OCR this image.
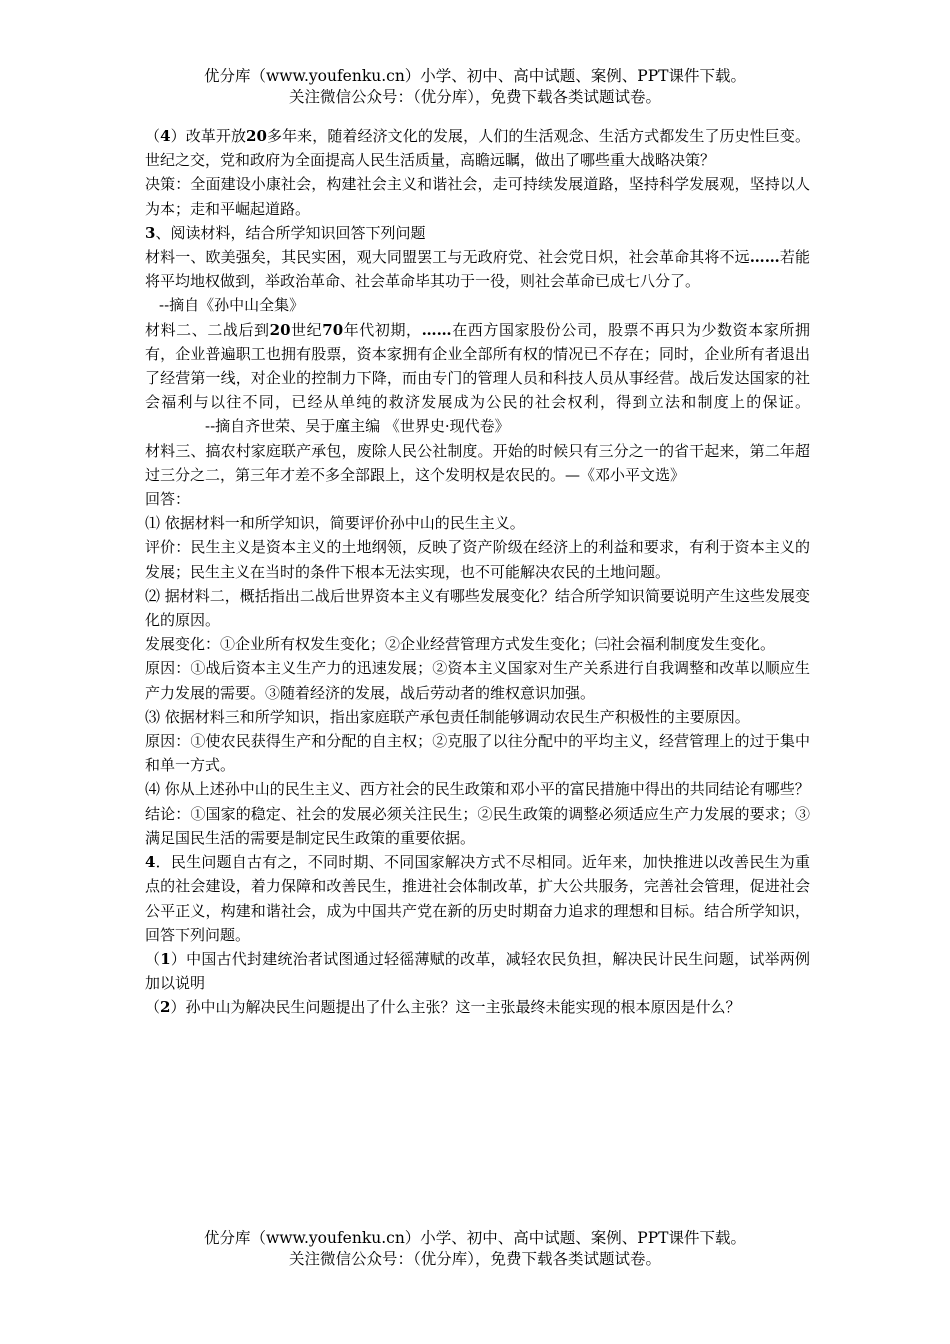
优分库（www.youfenku.cn）小学、初中、高中试题、案例、PPT课件下载。
关注微信公众号：（优分库），免费下载各类试题试卷。

（4）改革开放20多年来，随着经济文化的发展，人们的生活观念、生活方式都发生了历史性巨变。世纪之交，党和政府为全面提高人民生活质量，高瞻远瞩，做出了哪些重大战略决策？

决策：全面建设小康社会，构建社会主义和谐社会，走可持续发展道路，坚持科学发展观，坚持以人为本；走和平崛起道路。

3、阅读材料，结合所学知识回答下列问题

材料一、欧美强矣，其民实困，观大同盟罢工与无政府党、社会党日炽，社会革命其将不远……若能将平均地权做到，举政治革命、社会革命毕其功于一役，则社会革命已成七八分了。

--摘自《孙中山全集》

材料二、二战后到20世纪70年代初期，……在西方国家股份公司，股票不再只为少数资本家所拥有，企业普遍职工也拥有股票，资本家拥有企业全部所有权的情况已不存在；同时，企业所有者退出了经营第一线，对企业的控制力下降，而由专门的管理人员和科技人员从事经营。战后发达国家的社会福利与以往不同，已经从单纯的救济发展成为公民的社会权利，得到立法和制度上的保证。--摘自齐世荣、吴于廑主编 《世界史·现代卷》

材料三、搞农村家庭联产承包，废除人民公社制度。开始的时候只有三分之一的省干起来，第二年超过三分之二，第三年才差不多全部跟上，这个发明权是农民的。—《邓小平文选》

回答：

⑴ 依据材料一和所学知识，简要评价孙中山的民生主义。

评价：民生主义是资本主义的土地纲领，反映了资产阶级在经济上的利益和要求，有利于资本主义的发展；民生主义在当时的条件下根本无法实现，也不可能解决农民的土地问题。

⑵ 据材料二，概括指出二战后世界资本主义有哪些发展变化？结合所学知识简要说明产生这些发展变化的原因。

发展变化：①企业所有权发生变化；②企业经营管理方式发生变化；㈢社会福利制度发生变化。

原因：①战后资本主义生产力的迅速发展；②资本主义国家对生产关系进行自我调整和改革以顺应生产力发展的需要。③随着经济的发展，战后劳动者的维权意识加强。

⑶ 依据材料三和所学知识，指出家庭联产承包责任制能够调动农民生产积极性的主要原因。

原因：①使农民获得生产和分配的自主权；②克服了以往分配中的平均主义，经营管理上的过于集中和单一方式。

⑷ 你从上述孙中山的民生主义、西方社会的民生政策和邓小平的富民措施中得出的共同结论有哪些？

结论：①国家的稳定、社会的发展必须关注民生；②民生政策的调整必须适应生产力发展的要求；③满足国民生活的需要是制定民生政策的重要依据。

4．民生问题自古有之，不同时期、不同国家解决方式不尽相同。近年来，加快推进以改善民生为重点的社会建设，着力保障和改善民生，推进社会体制改革，扩大公共服务，完善社会管理，促进社会公平正义，构建和谐社会，成为中国共产党在新的历史时期奋力追求的理想和目标。结合所学知识，回答下列问题。

（1）中国古代封建统治者试图通过轻徭薄赋的改革，减轻农民负担，解决民计民生问题，试举两例加以说明

（2）孙中山为解决民生问题提出了什么主张？这一主张最终未能实现的根本原因是什么？

优分库（www.youfenku.cn）小学、初中、高中试题、案例、PPT课件下载。
关注微信公众号：（优分库），免费下载各类试题试卷。
